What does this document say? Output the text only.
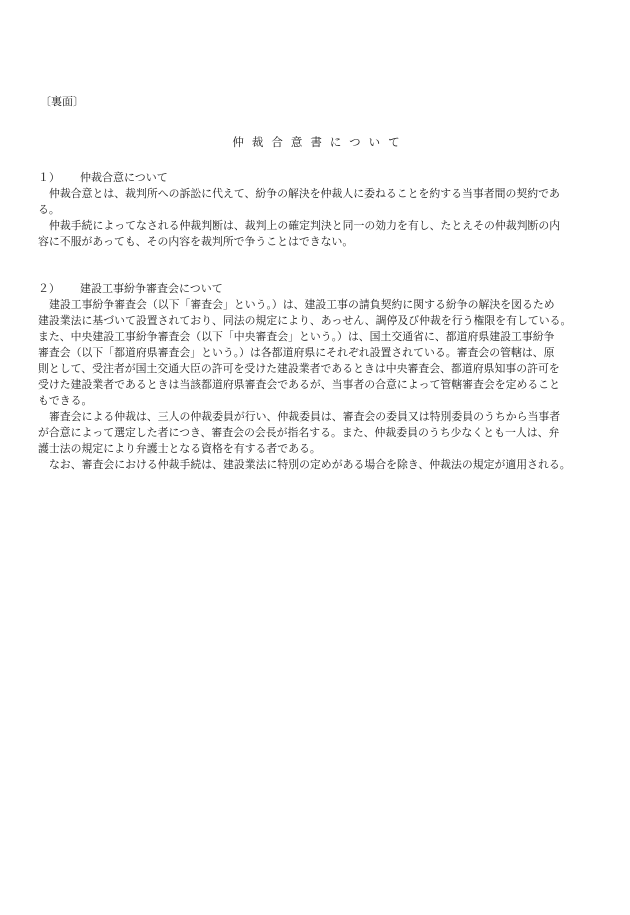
〔裏面〕
仲裁合意書について
１） 仲裁合意について
仲裁合意とは、裁判所への訴訟に代えて、紛争の解決を仲裁人に委ねることを約する当事者間の契約であ
る。
仲裁手続によってなされる仲裁判断は、裁判上の確定判決と同一の効力を有し、たとえその仲裁判断の内
容に不服があっても、その内容を裁判所で争うことはできない。
２） 建設工事紛争審査会について
建設工事紛争審査会（以下「審査会」という。）は、建設工事の請負契約に関する紛争の解決を図るため
建設業法に基づいて設置されており、同法の規定により、あっせん、調停及び仲裁を行う権限を有している。
また、中央建設工事紛争審査会（以下「中央審査会」という。）は、国土交通省に、都道府県建設工事紛争
審査会（以下「都道府県審査会」という。）は各都道府県にそれぞれ設置されている。審査会の管轄は、原
則として、受注者が国土交通大臣の許可を受けた建設業者であるときは中央審査会、都道府県知事の許可を
受けた建設業者であるときは当該都道府県審査会であるが、当事者の合意によって管轄審査会を定めること
もできる。
審査会による仲裁は、三人の仲裁委員が行い、仲裁委員は、審査会の委員又は特別委員のうちから当事者
が合意によって選定した者につき、審査会の会長が指名する。また、仲裁委員のうち少なくとも一人は、弁
護士法の規定により弁護士となる資格を有する者である。
なお、審査会における仲裁手続は、建設業法に特別の定めがある場合を除き、仲裁法の規定が適用される。
